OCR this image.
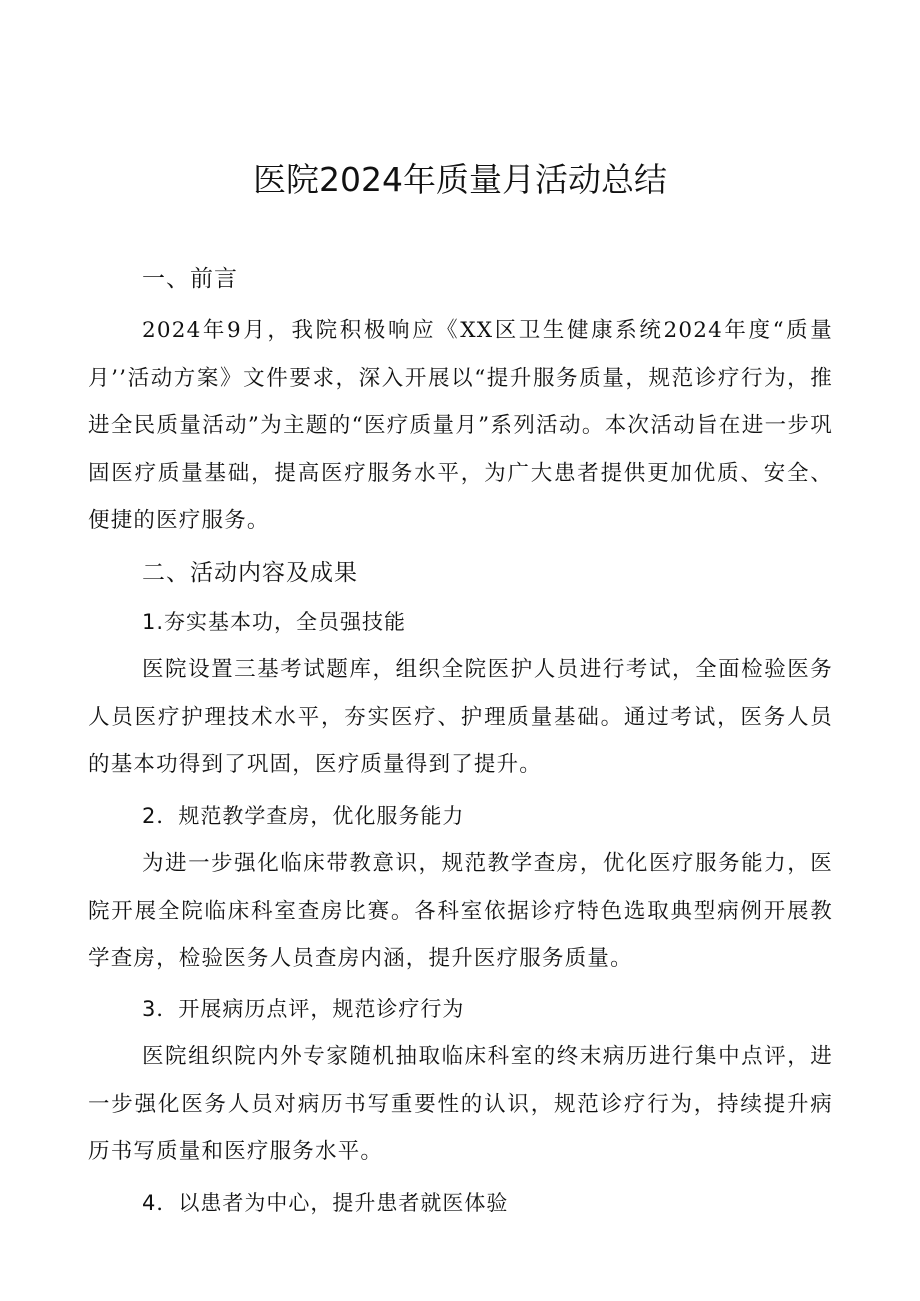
医院2024年质量月活动总结
一、前言
2024年9月，我院积极响应《XX区卫生健康系统2024年度“质量月’’活动方案》文件要求，深入开展以“提升服务质量，规范诊疗行为，推进全民质量活动”为主题的“医疗质量月”系列活动。本次活动旨在进一步巩固医疗质量基础，提高医疗服务水平，为广大患者提供更加优质、安全、便捷的医疗服务。
二、活动内容及成果
1.夯实基本功，全员强技能
医院设置三基考试题库，组织全院医护人员进行考试，全面检验医务人员医疗护理技术水平，夯实医疗、护理质量基础。通过考试，医务人员的基本功得到了巩固，医疗质量得到了提升。
2．规范教学查房，优化服务能力
为进一步强化临床带教意识，规范教学查房，优化医疗服务能力，医院开展全院临床科室查房比赛。各科室依据诊疗特色选取典型病例开展教学查房，检验医务人员查房内涵，提升医疗服务质量。
3．开展病历点评，规范诊疗行为
医院组织院内外专家随机抽取临床科室的终末病历进行集中点评，进一步强化医务人员对病历书写重要性的认识，规范诊疗行为，持续提升病历书写质量和医疗服务水平。
4．以患者为中心，提升患者就医体验
